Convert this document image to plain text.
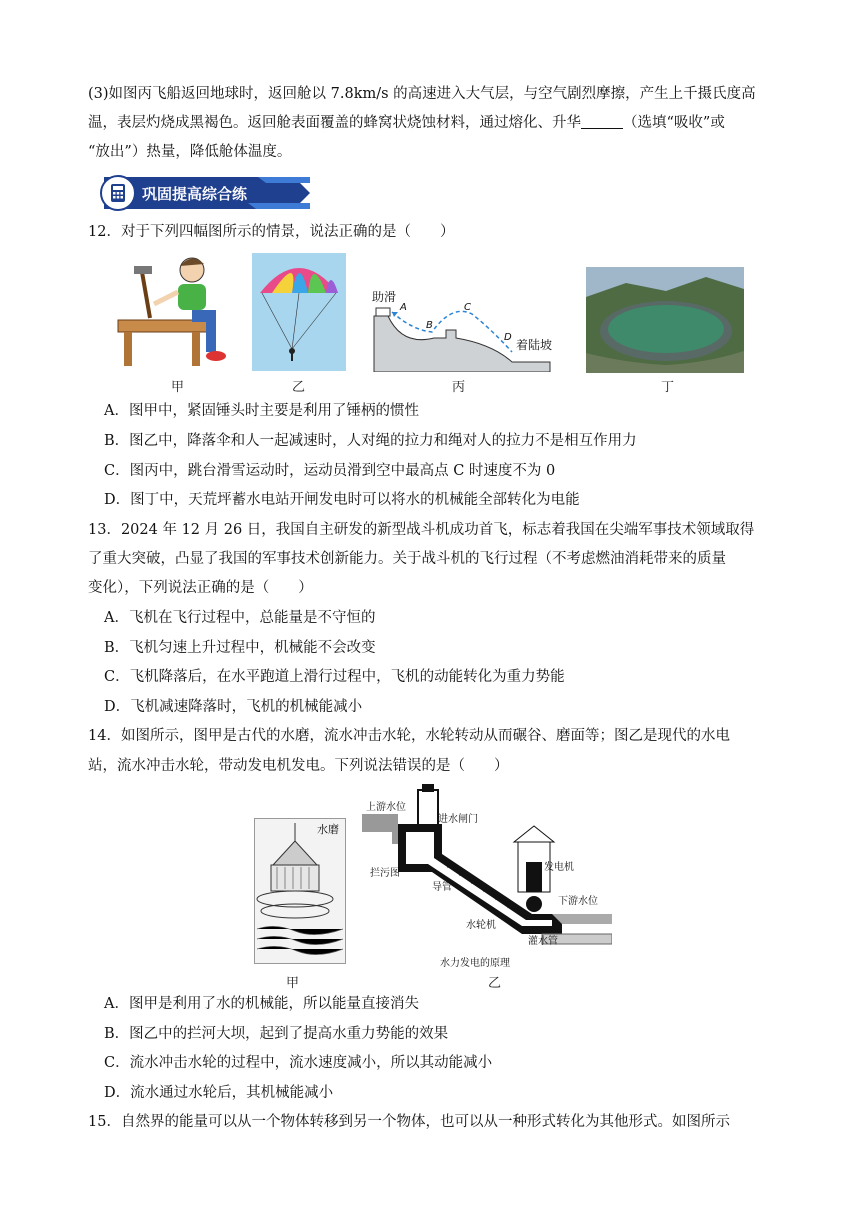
(3)如图丙飞船返回地球时，返回舱以 7.8km/s 的高速进入大气层，与空气剧烈摩擦，产生上千摄氏度高
温，表层灼烧成黑褐色。返回舱表面覆盖的蜂窝状烧蚀材料，通过熔化、升华	（选填“吸收”或
“放出”）热量，降低舱体温度。
巩固提高综合练
12．对于下列四幅图所示的情景，说法正确的是（　　）
甲	乙
助滑
A
B
C
D
着陆坡
丙	丁
A．图甲中，紧固锤头时主要是利用了锤柄的惯性
B．图乙中，降落伞和人一起减速时，人对绳的拉力和绳对人的拉力不是相互作用力
C．图丙中，跳台滑雪运动时，运动员滑到空中最高点 C 时速度不为 0
D．图丁中，天荒坪蓄水电站开闸发电时可以将水的机械能全部转化为电能
13．2024 年 12 月 26 日，我国自主研发的新型战斗机成功首飞，标志着我国在尖端军事技术领域取得
了重大突破，凸显了我国的军事技术创新能力。关于战斗机的飞行过程（不考虑燃油消耗带来的质量
变化），下列说法正确的是（　　）
A．飞机在飞行过程中，总能量是不守恒的
B．飞机匀速上升过程中，机械能不会改变
C．飞机降落后，在水平跑道上滑行过程中，飞机的动能转化为重力势能
D．飞机减速降落时，飞机的机械能减小
14．如图所示，图甲是古代的水磨，流水冲击水轮，水轮转动从而碾谷、磨面等；图乙是现代的水电
站，流水冲击水轮，带动发电机发电。下列说法错误的是（　　）
水磨
甲
上游水位
进水闸门
拦污图
导管
发电机
下游水位
水轮机
灌水管
水力发电的原理
乙
A．图甲是利用了水的机械能，所以能量直接消失
B．图乙中的拦河大坝，起到了提高水重力势能的效果
C．流水冲击水轮的过程中，流水速度减小，所以其动能减小
D．流水通过水轮后，其机械能减小
15．自然界的能量可以从一个物体转移到另一个物体，也可以从一种形式转化为其他形式。如图所示
